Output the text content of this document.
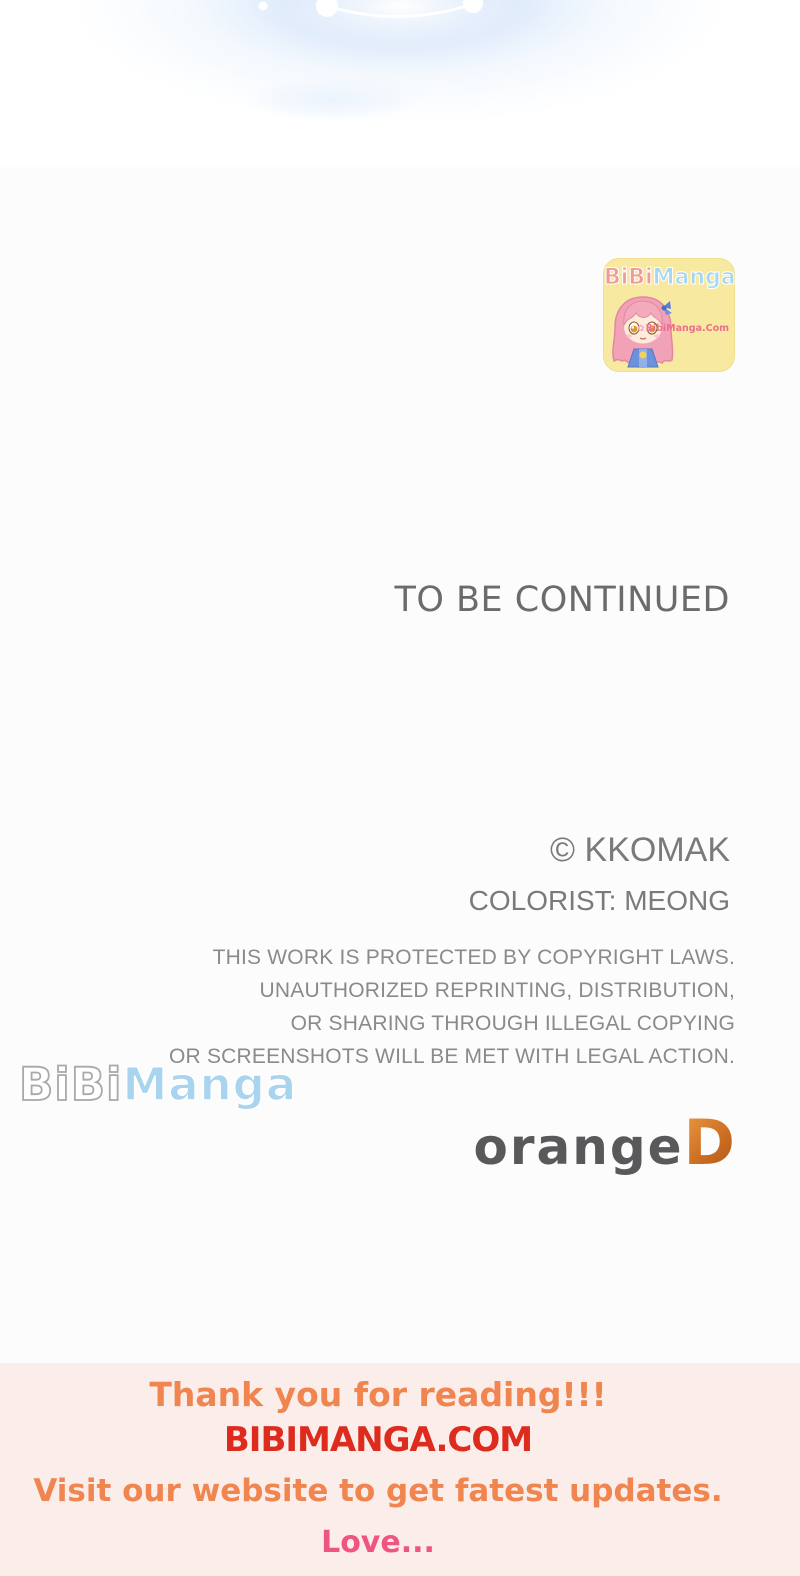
BiBiManga
✿BibiManga.Com
TO BE CONTINUED
© KKOMAK
COLORIST: MEONG
THIS WORK IS PROTECTED BY COPYRIGHT LAWS.
UNAUTHORIZED REPRINTING, DISTRIBUTION,
OR SHARING THROUGH ILLEGAL COPYING
OR SCREENSHOTS WILL BE MET WITH LEGAL ACTION.
BiBiManga
orangeD
Thank you for reading!!!
BIBIMANGA.COM
Visit our website to get fatest updates.
Love...
